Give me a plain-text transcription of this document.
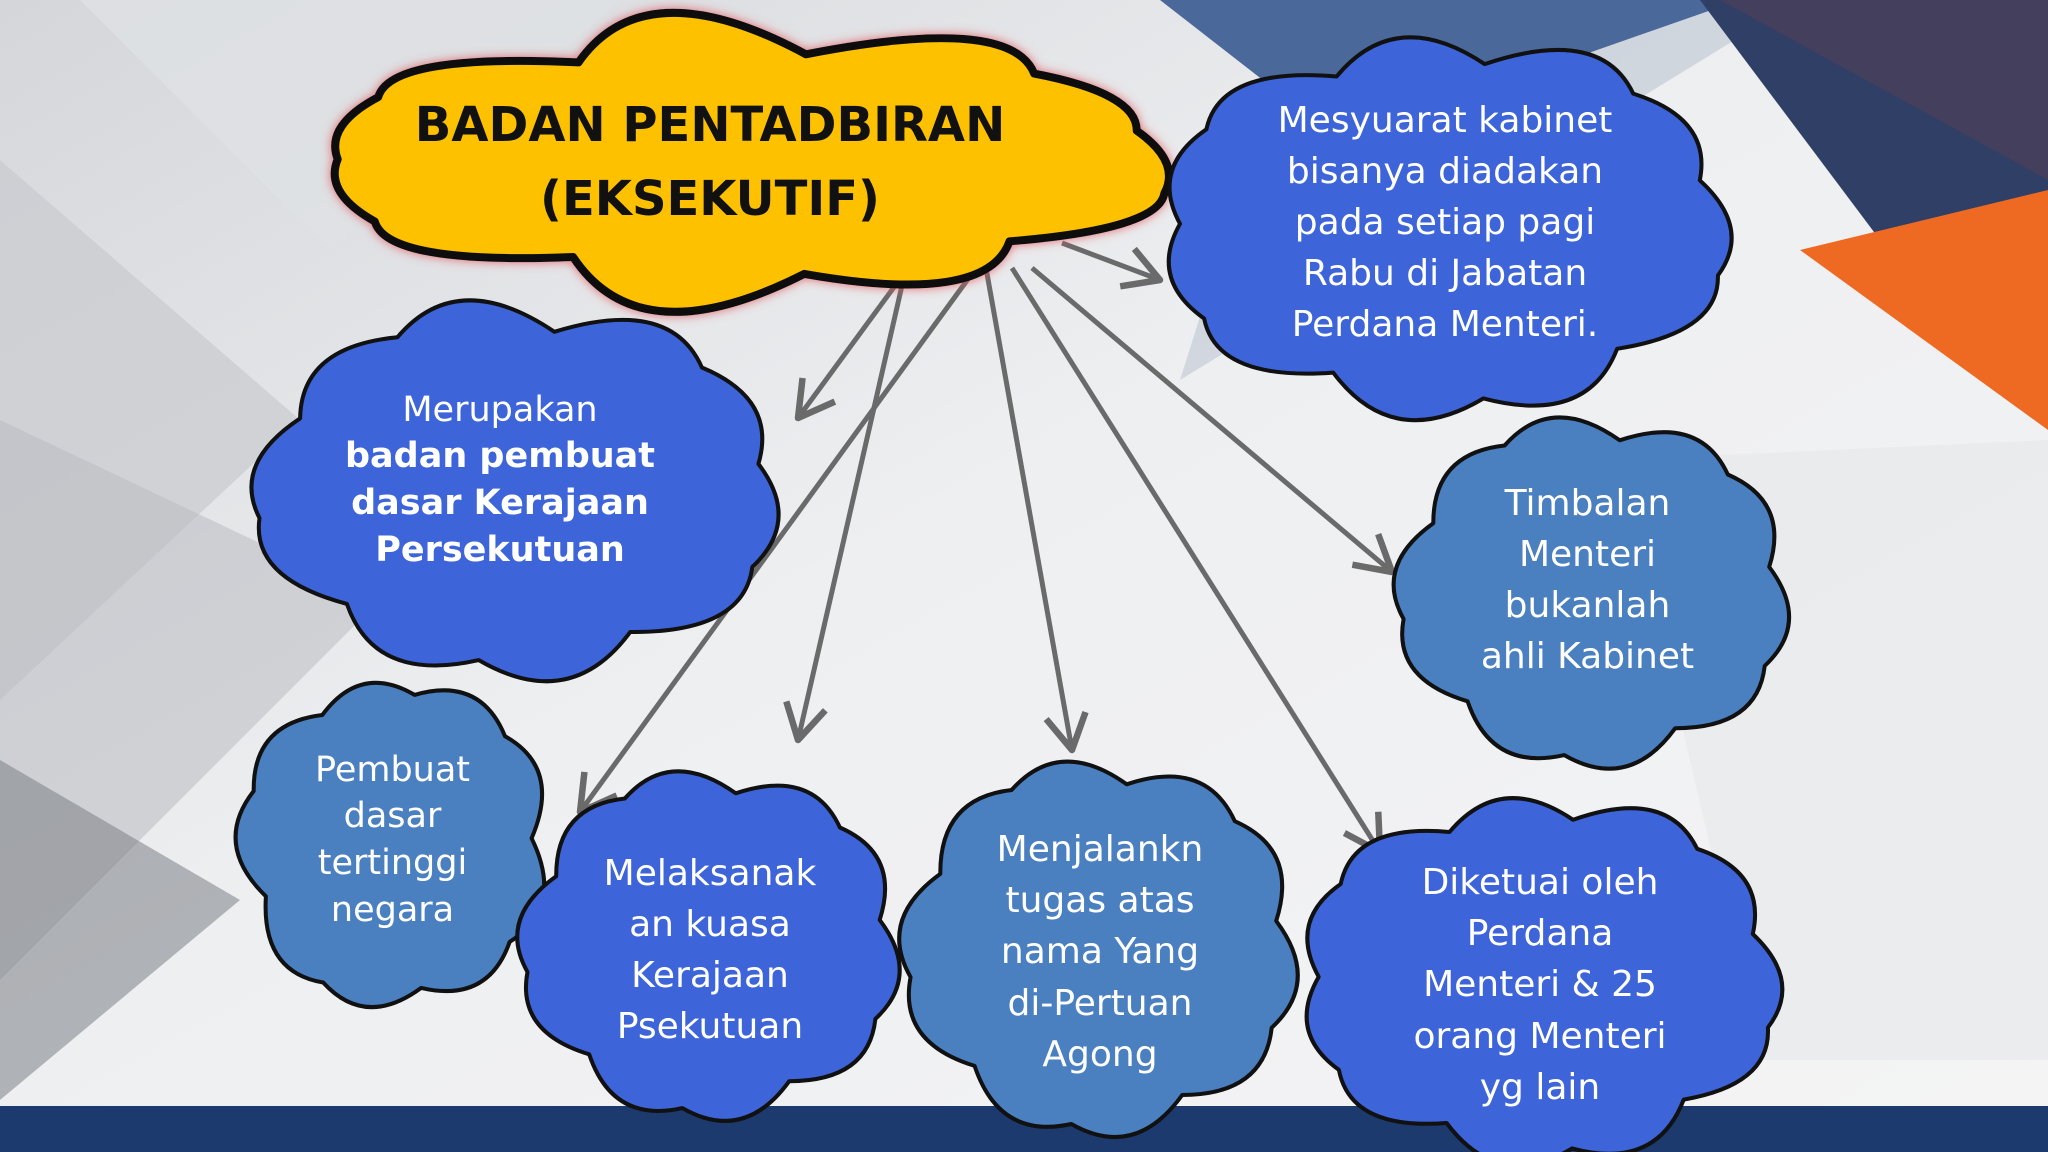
BADAN PENTADBIRAN
(EKSEKUTIF)
Mesyuarat kabinet
bisanya diadakan
pada setiap pagi
Rabu di Jabatan
Perdana Menteri.
Merupakan
badan pembuat
dasar Kerajaan
Persekutuan
Timbalan
Menteri
bukanlah
ahli Kabinet
Pembuat
dasar
tertinggi
negara
Melaksanak
an kuasa
Kerajaan
Psekutuan
Menjalankn
tugas atas
nama Yang
di-Pertuan
Agong
Diketuai oleh
Perdana
Menteri & 25
orang Menteri
yg lain
